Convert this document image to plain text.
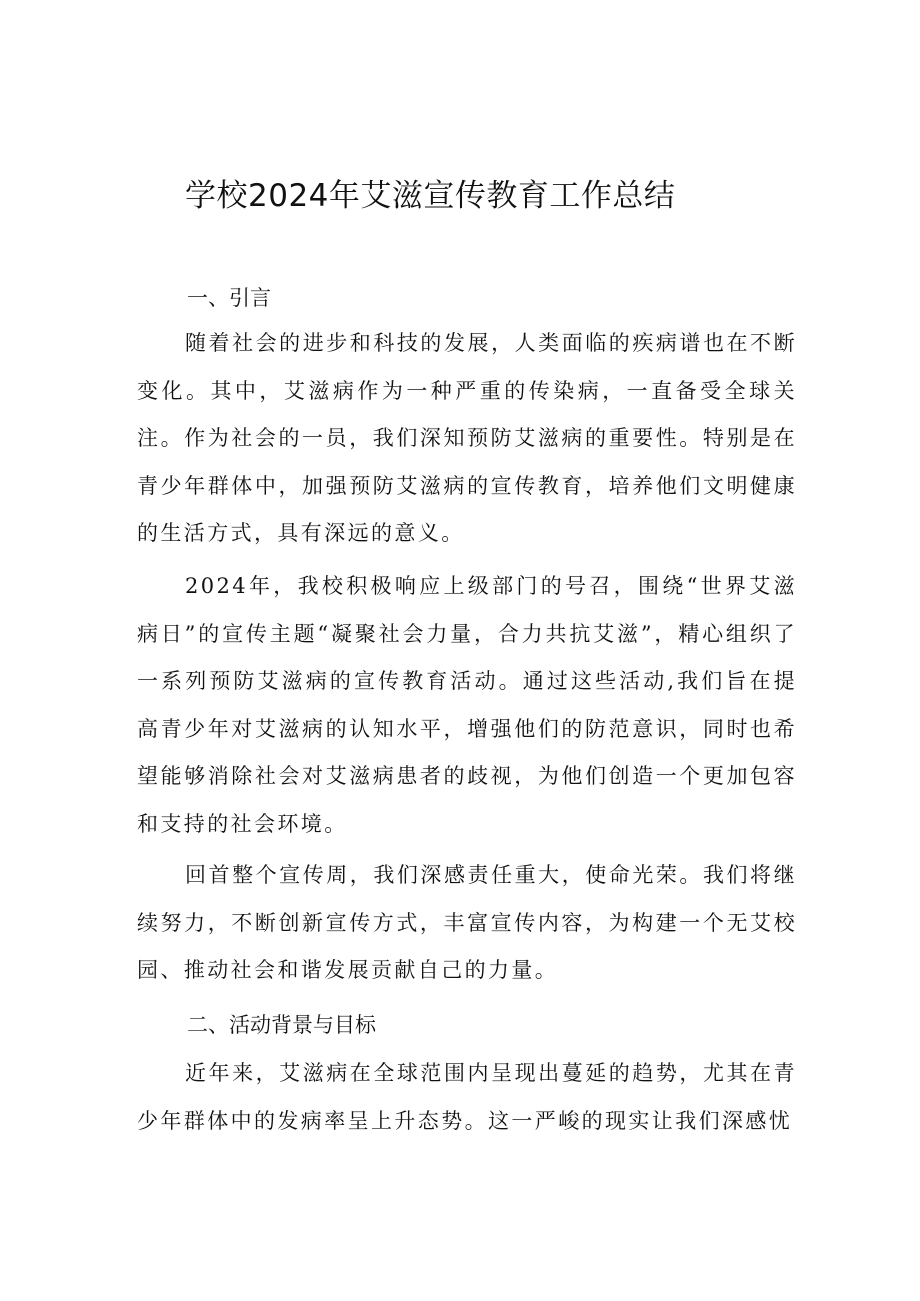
学校2024年艾滋宣传教育工作总结
一、引言

随着社会的进步和科技的发展，人类面临的疾病谱也在不断变化。其中，艾滋病作为一种严重的传染病，一直备受全球关注。作为社会的一员，我们深知预防艾滋病的重要性。特别是在青少年群体中，加强预防艾滋病的宣传教育，培养他们文明健康的生活方式，具有深远的意义。

2024年，我校积极响应上级部门的号召，围绕“世界艾滋病日”的宣传主题“凝聚社会力量，合力共抗艾滋”，精心组织了一系列预防艾滋病的宣传教育活动。通过这些活动,我们旨在提高青少年对艾滋病的认知水平，增强他们的防范意识，同时也希望能够消除社会对艾滋病患者的歧视，为他们创造一个更加包容和支持的社会环境。

回首整个宣传周，我们深感责任重大，使命光荣。我们将继续努力，不断创新宣传方式，丰富宣传内容，为构建一个无艾校园、推动社会和谐发展贡献自己的力量。

二、活动背景与目标

近年来，艾滋病在全球范围内呈现出蔓延的趋势，尤其在青少年群体中的发病率呈上升态势。这一严峻的现实让我们深感忧
